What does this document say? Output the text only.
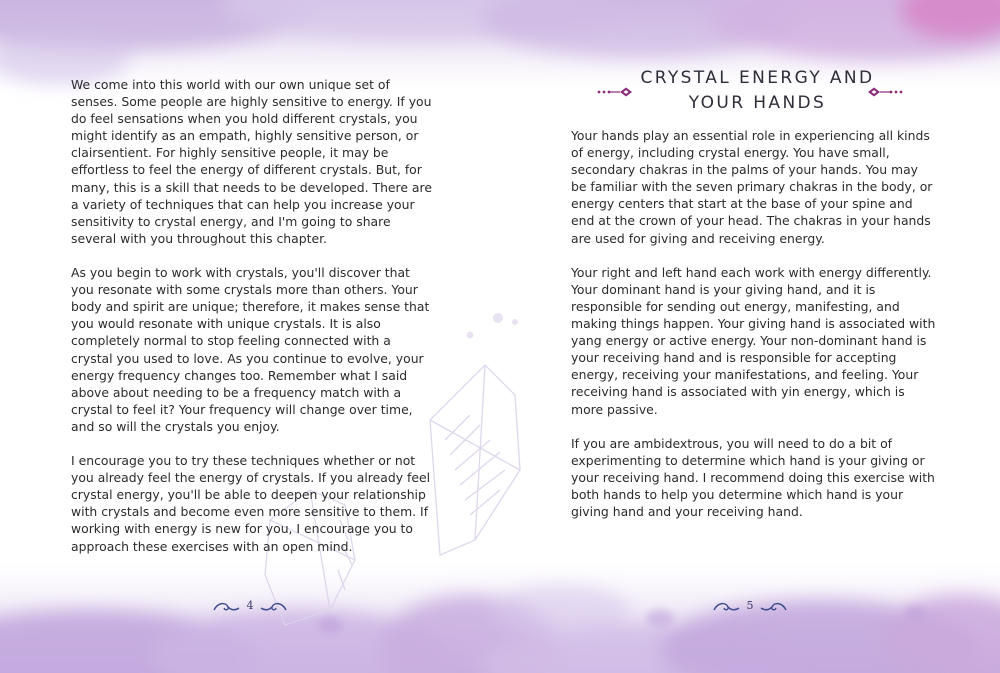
We come into this world with our own unique set of senses. Some people are highly sensitive to energy. If you do feel sensations when you hold different crystals, you might identify as an empath, highly sensitive person, or clairsentient. For highly sensitive people, it may be effortless to feel the energy of different crystals. But, for many, this is a skill that needs to be developed. There are a variety of techniques that can help you increase your sensitivity to crystal energy, and I'm going to share several with you throughout this chapter.

As you begin to work with crystals, you'll discover that you resonate with some crystals more than others. Your body and spirit are unique; therefore, it makes sense that you would resonate with unique crystals. It is also completely normal to stop feeling connected with a crystal you used to love. As you continue to evolve, your energy frequency changes too. Remember what I said above about needing to be a frequency match with a crystal to feel it? Your frequency will change over time, and so will the crystals you enjoy.

I encourage you to try these techniques whether or not you already feel the energy of crystals. If you already feel crystal energy, you'll be able to deepen your relationship with crystals and become even more sensitive to them. If working with energy is new for you, I encourage you to approach these exercises with an open mind.

4
CRYSTAL ENERGY AND
YOUR HANDS

Your hands play an essential role in experiencing all kinds of energy, including crystal energy. You have small, secondary chakras in the palms of your hands. You may be familiar with the seven primary chakras in the body, or energy centers that start at the base of your spine and end at the crown of your head. The chakras in your hands are used for giving and receiving energy.

Your right and left hand each work with energy differently. Your dominant hand is your giving hand, and it is responsible for sending out energy, manifesting, and making things happen. Your giving hand is associated with yang energy or active energy. Your non-dominant hand is your receiving hand and is responsible for accepting energy, receiving your manifestations, and feeling. Your receiving hand is associated with yin energy, which is more passive.

If you are ambidextrous, you will need to do a bit of experimenting to determine which hand is your giving or your receiving hand. I recommend doing this exercise with both hands to help you determine which hand is your giving hand and your receiving hand.

5
